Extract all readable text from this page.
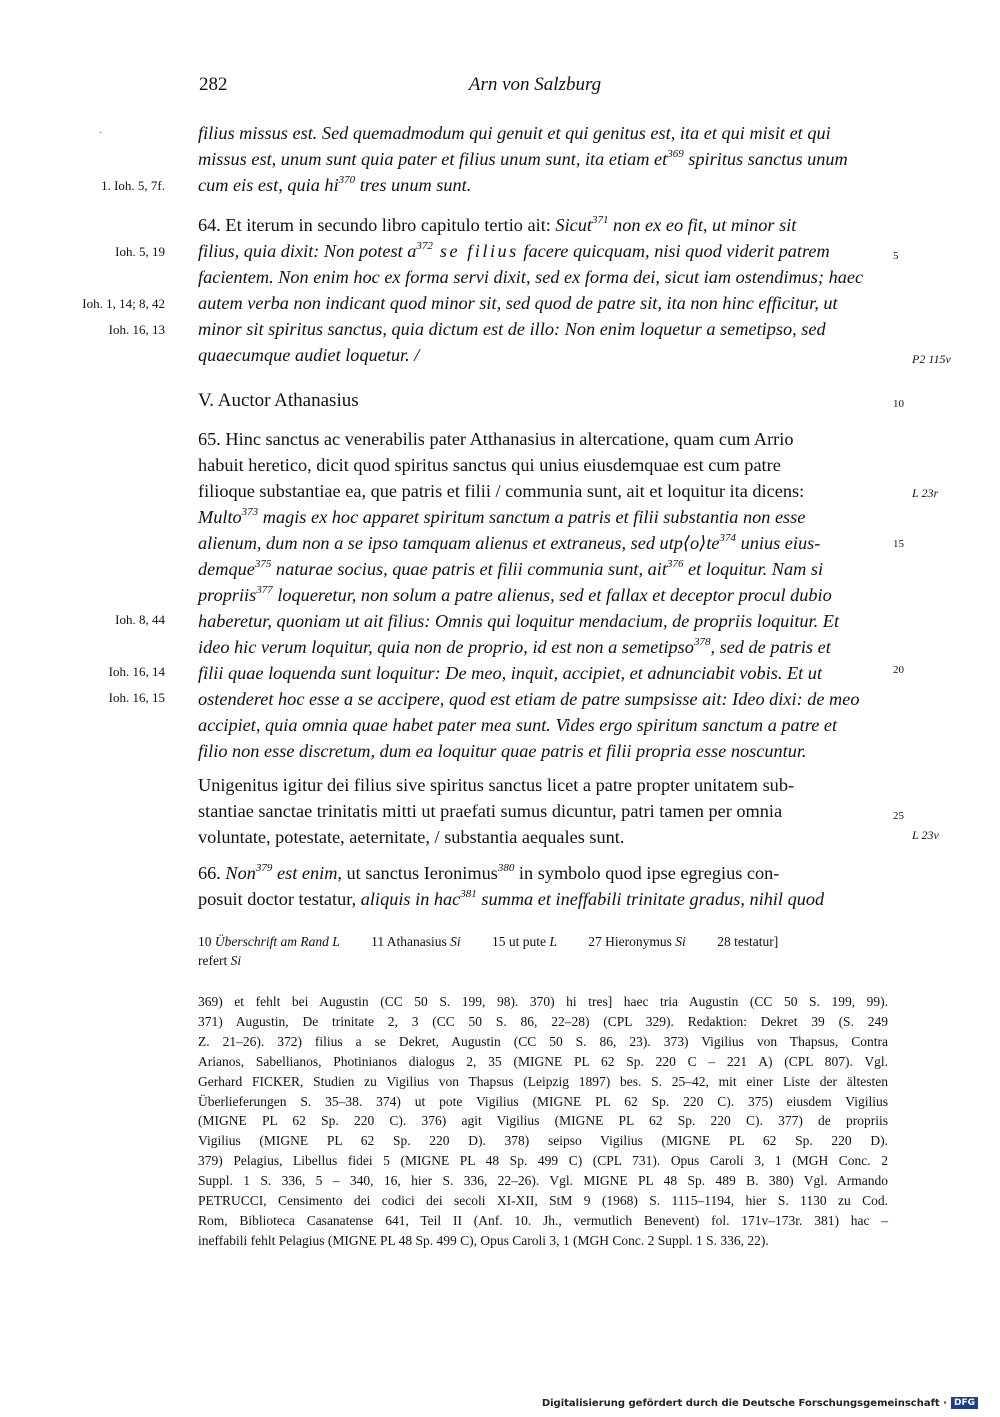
282	Arn von Salzburg
·
1. Ioh. 5, 7f.
Ioh. 5, 19
Ioh. 1, 14; 8, 42
Ioh. 16, 13
Ioh. 8, 44
Ioh. 16, 14
Ioh. 16, 15
5
10
15
20
25
P2 115v
L 23r
L 23v
filius missus est. Sed quemadmodum qui genuit et qui genitus est, ita et qui misit et qui
missus est, unum sunt quia pater et filius unum sunt, ita etiam $et^{369}$ spiritus sanctus unum
cum eis est, quia $hi^{370}$ tres unum sunt.
64. Et iterum in secundo libro capitulo tertio ait: Sicut$^{371}$ non ex eo fit, ut minor sit
filius, quia dixit: Non potest $a^{372}$ se filius facere quicquam, nisi quod viderit patrem
facientem. Non enim hoc ex forma servi dixit, sed ex forma dei, sicut iam ostendimus; haec
autem verba non indicant quod minor sit, sed quod de patre sit, ita non hinc efficitur, ut
minor sit spiritus sanctus, quia dictum est de illo: Non enim loquetur a semetipso, sed
quaecumque audiet loquetur. /
V. Auctor Athanasius
65. Hinc sanctus ac venerabilis pater Atthanasius in altercatione, quam cum Arrio
habuit heretico, dicit quod spiritus sanctus qui unius eiusdemquae est cum patre
filioque substantiae ea, que patris et filii / communia sunt, ait et loquitur ita dicens:
Multo$^{373}$ magis ex hoc apparet spiritum sanctum a patris et filii substantia non esse
alienum, dum non a se ipso tamquam alienus et extraneus, sed $utp⟨o⟩te^{374}$ unius eius-
demque$^{375}$ naturae socius, quae patris et filii communia sunt, ait$^{376}$ et loquitur. Nam si
propriis$^{377}$ loqueretur, non solum a patre alienus, sed et fallax et deceptor procul dubio
haberetur, quoniam ut ait filius: Omnis qui loquitur mendacium, de propriis loquitur. Et
ideo hic verum loquitur, quia non de proprio, id est non a semetipso$^{378}$, sed de patris et
filii quae loquenda sunt loquitur: De meo, inquit, accipiet, et adnunciabit vobis. Et ut
ostenderet hoc esse a se accipere, quod est etiam de patre sumpsisse ait: Ideo dixi: de meo
accipiet, quia omnia quae habet pater mea sunt. Vides ergo spiritum sanctum a patre et
filio non esse discretum, dum ea loquitur quae patris et filii propria esse noscuntur.
Unigenitus igitur dei filius sive spiritus sanctus licet a patre propter unitatem sub-
stantiae sanctae trinitatis mitti ut praefati sumus dicuntur, patri tamen per omnia
voluntate, potestate, aeternitate, / substantia aequales sunt.
66. Non$^{379}$ est enim, ut sanctus Ieronimus$^{380}$ in symbolo quod ipse egregius con-
posuit doctor testatur, aliquis in hac$^{381}$ summa et ineffabili trinitate gradus, nihil quod
10 Überschrift am Rand L 11 Athanasius Si 15 ut pute L 27 Hieronymus Si 28 testatur]
refert Si

369) et fehlt bei Augustin (CC 50 S. 199, 98). 370) hi tres] haec tria Augustin (CC 50 S. 199, 99).

371) Augustin, De trinitate 2, 3 (CC 50 S. 86, 22–28) (CPL 329). Redaktion: Dekret 39 (S. 249

Z. 21–26). 372) filius a se Dekret, Augustin (CC 50 S. 86, 23). 373) Vigilius von Thapsus, Contra

Arianos, Sabellianos, Photinianos dialogus 2, 35 (MIGNE PL 62 Sp. 220 C – 221 A) (CPL 807). Vgl.

Gerhard FICKER, Studien zu Vigilius von Thapsus (Leipzig 1897) bes. S. 25–42, mit einer Liste der ältesten

Überlieferungen S. 35–38. 374) ut pote Vigilius (MIGNE PL 62 Sp. 220 C). 375) eiusdem Vigilius

(MIGNE PL 62 Sp. 220 C). 376) agit Vigilius (MIGNE PL 62 Sp. 220 C). 377) de propriis

Vigilius (MIGNE PL 62 Sp. 220 D). 378) seipso Vigilius (MIGNE PL 62 Sp. 220 D).

379) Pelagius, Libellus fidei 5 (MIGNE PL 48 Sp. 499 C) (CPL 731). Opus Caroli 3, 1 (MGH Conc. 2

Suppl. 1 S. 336, 5 – 340, 16, hier S. 336, 22–26). Vgl. MIGNE PL 48 Sp. 489 B. 380) Vgl. Armando

PETRUCCI, Censimento dei codici dei secoli XI-XII, StM 9 (1968) S. 1115–1194, hier S. 1130 zu Cod.

Rom, Biblioteca Casanatense 641, Teil II (Anf. 10. Jh., vermutlich Benevent) fol. 171v–173r. 381) hac –

ineffabili fehlt Pelagius (MIGNE PL 48 Sp. 499 C), Opus Caroli 3, 1 (MGH Conc. 2 Suppl. 1 S. 336, 22).

Digitalisierung gefördert durch die Deutsche Forschungsgemeinschaft · DFG
